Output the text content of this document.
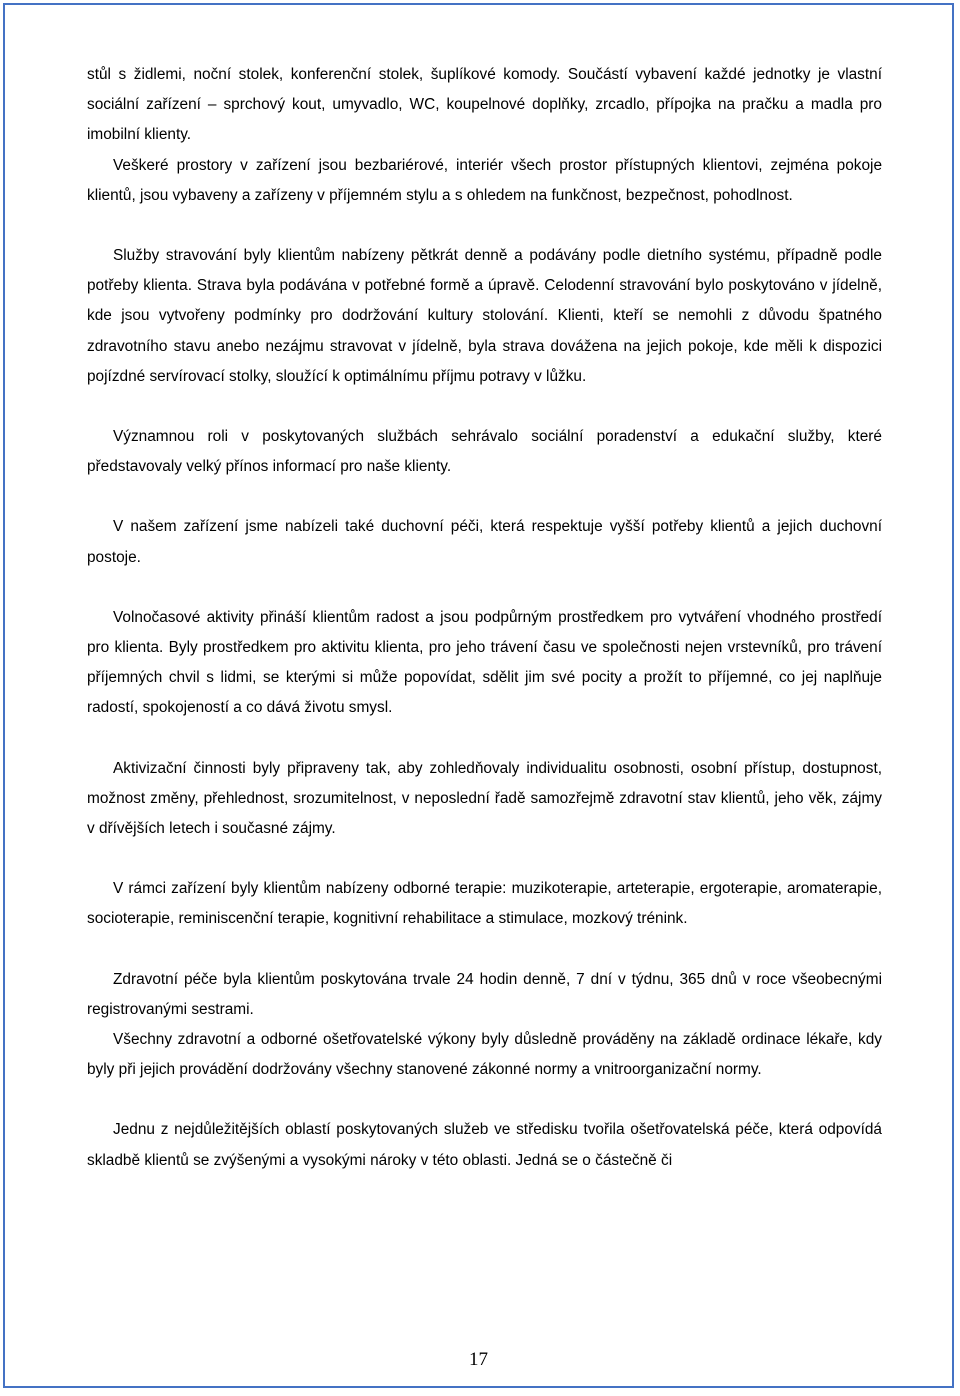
stůl s židlemi, noční stolek, konferenční stolek, šuplíkové komody. Součástí vybavení každé jednotky je vlastní sociální zařízení – sprchový kout, umyvadlo, WC, koupelnové doplňky, zrcadlo, přípojka na pračku a madla pro imobilní klienty.

Veškeré prostory v zařízení jsou bezbariérové, interiér všech prostor přístupných klientovi, zejména pokoje klientů, jsou vybaveny a zařízeny v příjemném stylu a s ohledem na funkčnost, bezpečnost, pohodlnost.

Služby stravování byly klientům nabízeny pětkrát denně a podávány podle dietního systému, případně podle potřeby klienta. Strava byla podávána v potřebné formě a úpravě. Celodenní stravování bylo poskytováno v jídelně, kde jsou vytvořeny podmínky pro dodržování kultury stolování. Klienti, kteří se nemohli z důvodu špatného zdravotního stavu anebo nezájmu stravovat v jídelně, byla strava dovážena na jejich pokoje, kde měli k dispozici pojízdné servírovací stolky, sloužící k optimálnímu příjmu potravy v lůžku.

Významnou roli v poskytovaných službách sehrávalo sociální poradenství a edukační služby, které představovaly velký přínos informací pro naše klienty.

V našem zařízení jsme nabízeli také duchovní péči, která respektuje vyšší potřeby klientů a jejich duchovní postoje.

Volnočasové aktivity přináší klientům radost a jsou podpůrným prostředkem pro vytváření vhodného prostředí pro klienta. Byly prostředkem pro aktivitu klienta, pro jeho trávení času ve společnosti nejen vrstevníků, pro trávení příjemných chvil s lidmi, se kterými si může popovídat, sdělit jim své pocity a prožít to příjemné, co jej naplňuje radostí, spokojeností a co dává životu smysl.

Aktivizační činnosti byly připraveny tak, aby zohledňovaly individualitu osobnosti, osobní přístup, dostupnost, možnost změny, přehlednost, srozumitelnost, v neposlední řadě samozřejmě zdravotní stav klientů, jeho věk, zájmy v dřívějších letech i současné zájmy.

V rámci zařízení byly klientům nabízeny odborné terapie: muzikoterapie, arteterapie, ergoterapie, aromaterapie, socioterapie, reminiscenční terapie, kognitivní rehabilitace a stimulace, mozkový trénink.

Zdravotní péče byla klientům poskytována trvale 24 hodin denně, 7 dní v týdnu, 365 dnů v roce všeobecnými registrovanými sestrami.

Všechny zdravotní a odborné ošetřovatelské výkony byly důsledně prováděny na základě ordinace lékaře, kdy byly při jejich provádění dodržovány všechny stanovené zákonné normy a vnitroorganizační normy.

Jednu z nejdůležitějších oblastí poskytovaných služeb ve středisku tvořila ošetřovatelská péče, která odpovídá skladbě klientů se zvýšenými a vysokými nároky v této oblasti. Jedná se o částečně či

17
